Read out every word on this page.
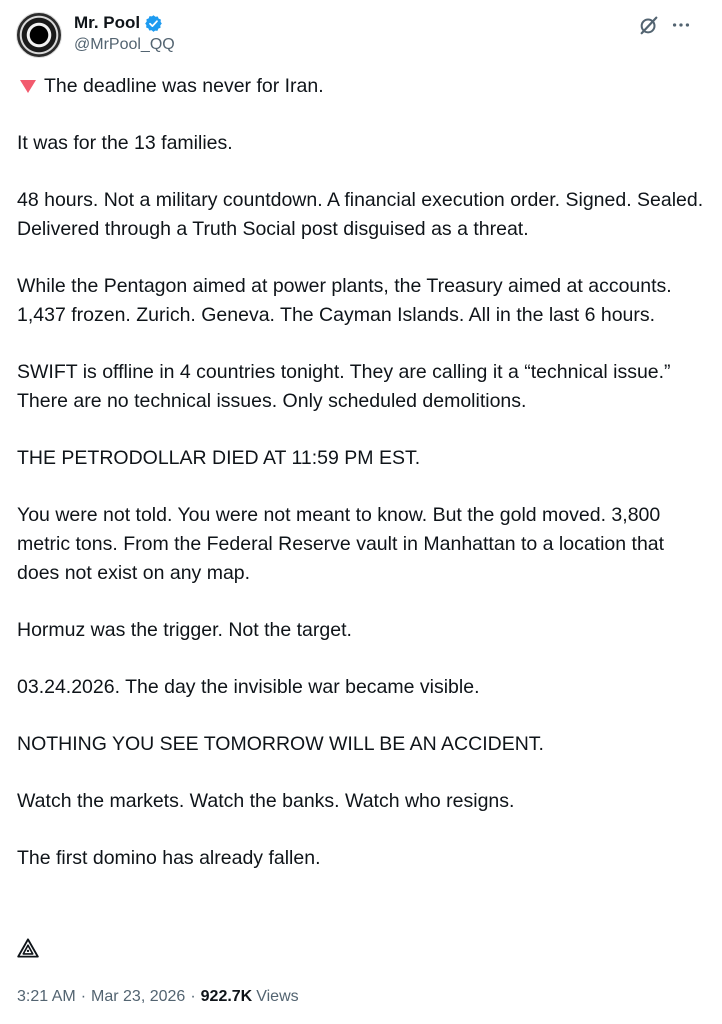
Mr. Pool
@MrPool_QQ

The deadline was never for Iran.

It was for the 13 families.

48 hours. Not a military countdown. A financial execution order. Signed. Sealed. Delivered through a Truth Social post disguised as a threat.

While the Pentagon aimed at power plants, the Treasury aimed at accounts. 1,437 frozen. Zurich. Geneva. The Cayman Islands. All in the last 6 hours.

SWIFT is offline in 4 countries tonight. They are calling it a “technical issue.” There are no technical issues. Only scheduled demolitions.

THE PETRODOLLAR DIED AT 11:59 PM EST.

You were not told. You were not meant to know. But the gold moved. 3,800 metric tons. From the Federal Reserve vault in Manhattan to a location that does not exist on any map.

Hormuz was the trigger. Not the target.

03.24.2026. The day the invisible war became visible.

NOTHING YOU SEE TOMORROW WILL BE AN ACCIDENT.

Watch the markets. Watch the banks. Watch who resigns.

The first domino has already fallen.

3:21 AM · Mar 23, 2026 · 922.7K Views
